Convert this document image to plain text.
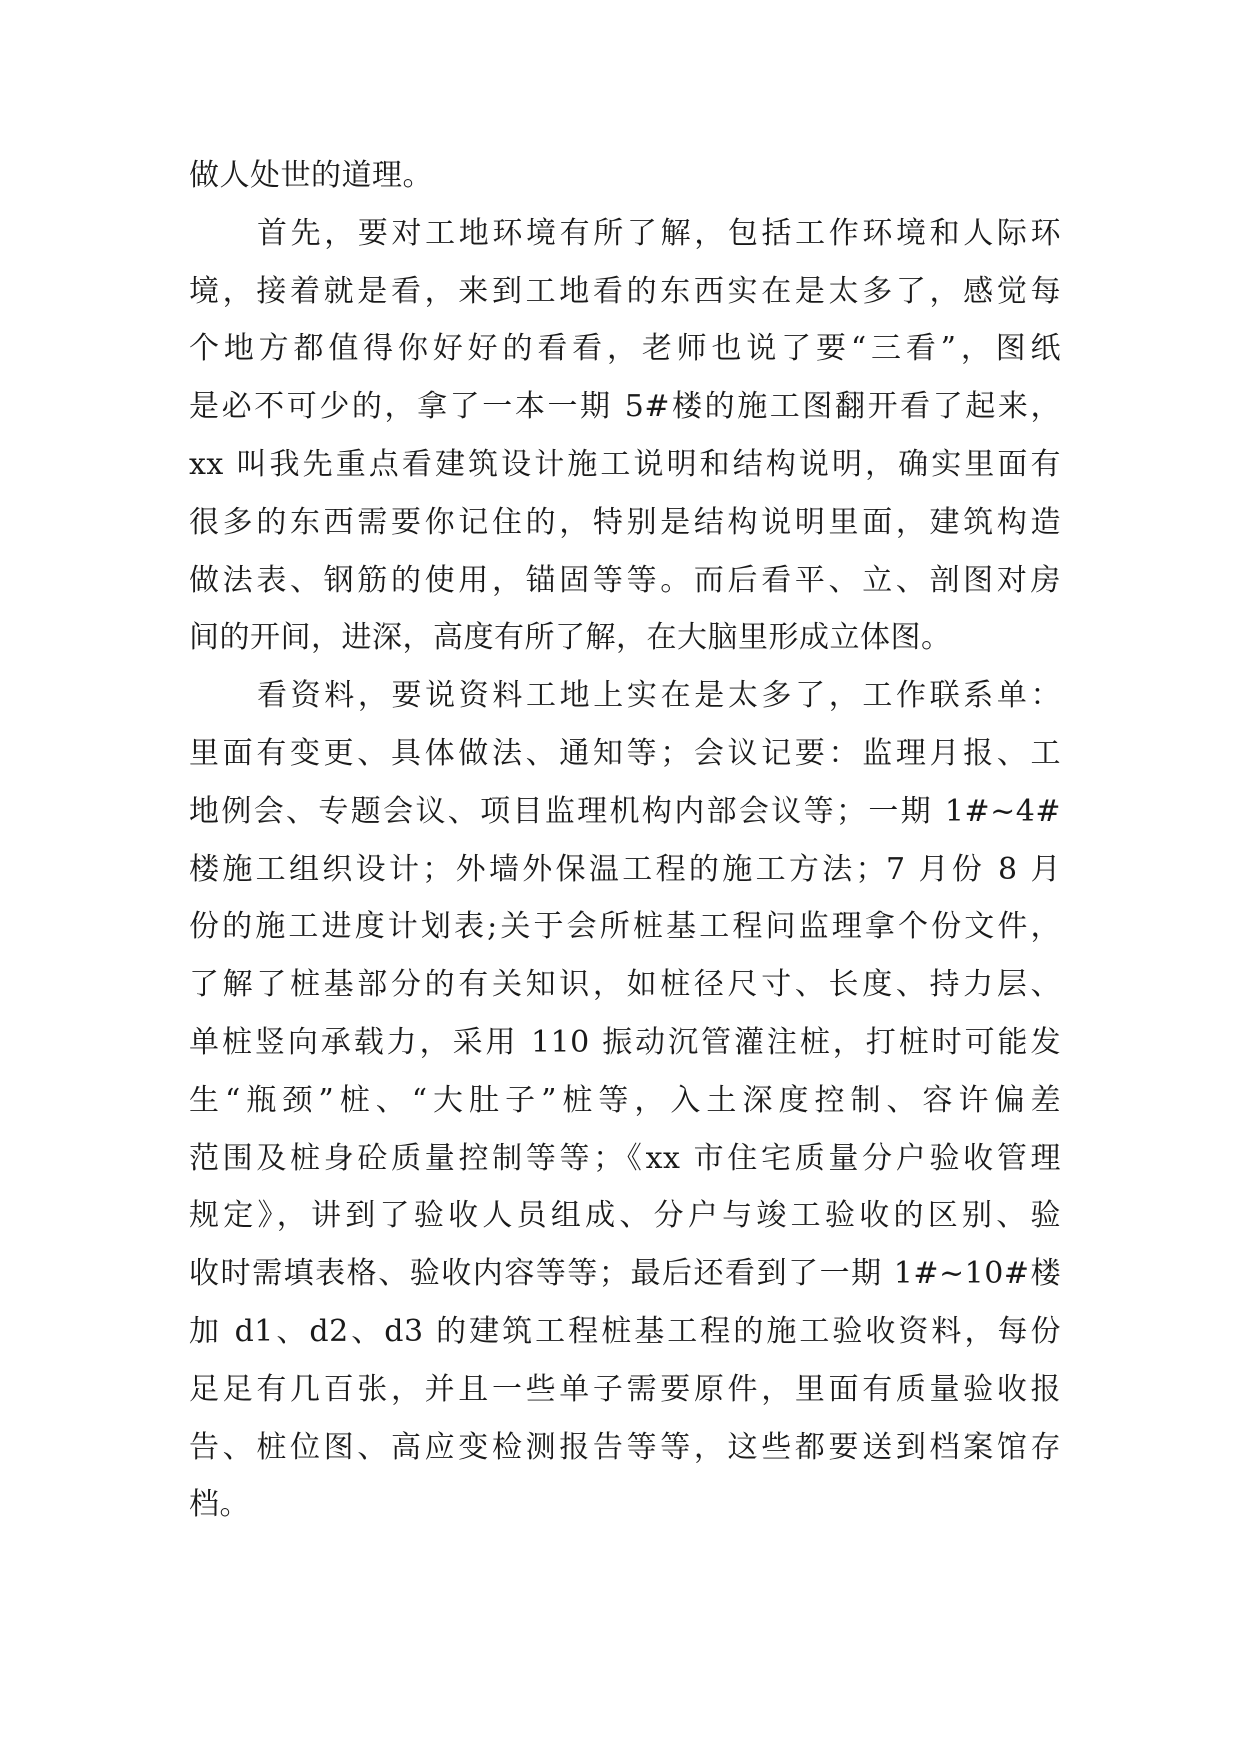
做人处世的道理。
首先，要对工地环境有所了解，包括工作环境和人际环
境，接着就是看，来到工地看的东西实在是太多了，感觉每
个地方都值得你好好的看看，老师也说了要“三看”，图纸
是必不可少的，拿了一本一期 5#楼的施工图翻开看了起来，
xx 叫我先重点看建筑设计施工说明和结构说明，确实里面有
很多的东西需要你记住的，特别是结构说明里面，建筑构造
做法表、钢筋的使用，锚固等等。而后看平、立、剖图对房
间的开间，进深，高度有所了解，在大脑里形成立体图。
看资料，要说资料工地上实在是太多了，工作联系单：
里面有变更、具体做法、通知等；会议记要：监理月报、工
地例会、专题会议、项目监理机构内部会议等；一期 1#~4#
楼施工组织设计；外墙外保温工程的施工方法；7 月份 8 月
份的施工进度计划表;关于会所桩基工程问监理拿个份文件，
了解了桩基部分的有关知识，如桩径尺寸、长度、持力层、
单桩竖向承载力，采用 110 振动沉管灌注桩，打桩时可能发
生“瓶颈”桩、“大肚子”桩等，入土深度控制、容许偏差
范围及桩身砼质量控制等等；《xx 市住宅质量分户验收管理
规定》，讲到了验收人员组成、分户与竣工验收的区别、验
收时需填表格、验收内容等等；最后还看到了一期 1#~10#楼
加 d1、d2、d3 的建筑工程桩基工程的施工验收资料，每份
足足有几百张，并且一些单子需要原件，里面有质量验收报
告、桩位图、高应变检测报告等等，这些都要送到档案馆存
档。
